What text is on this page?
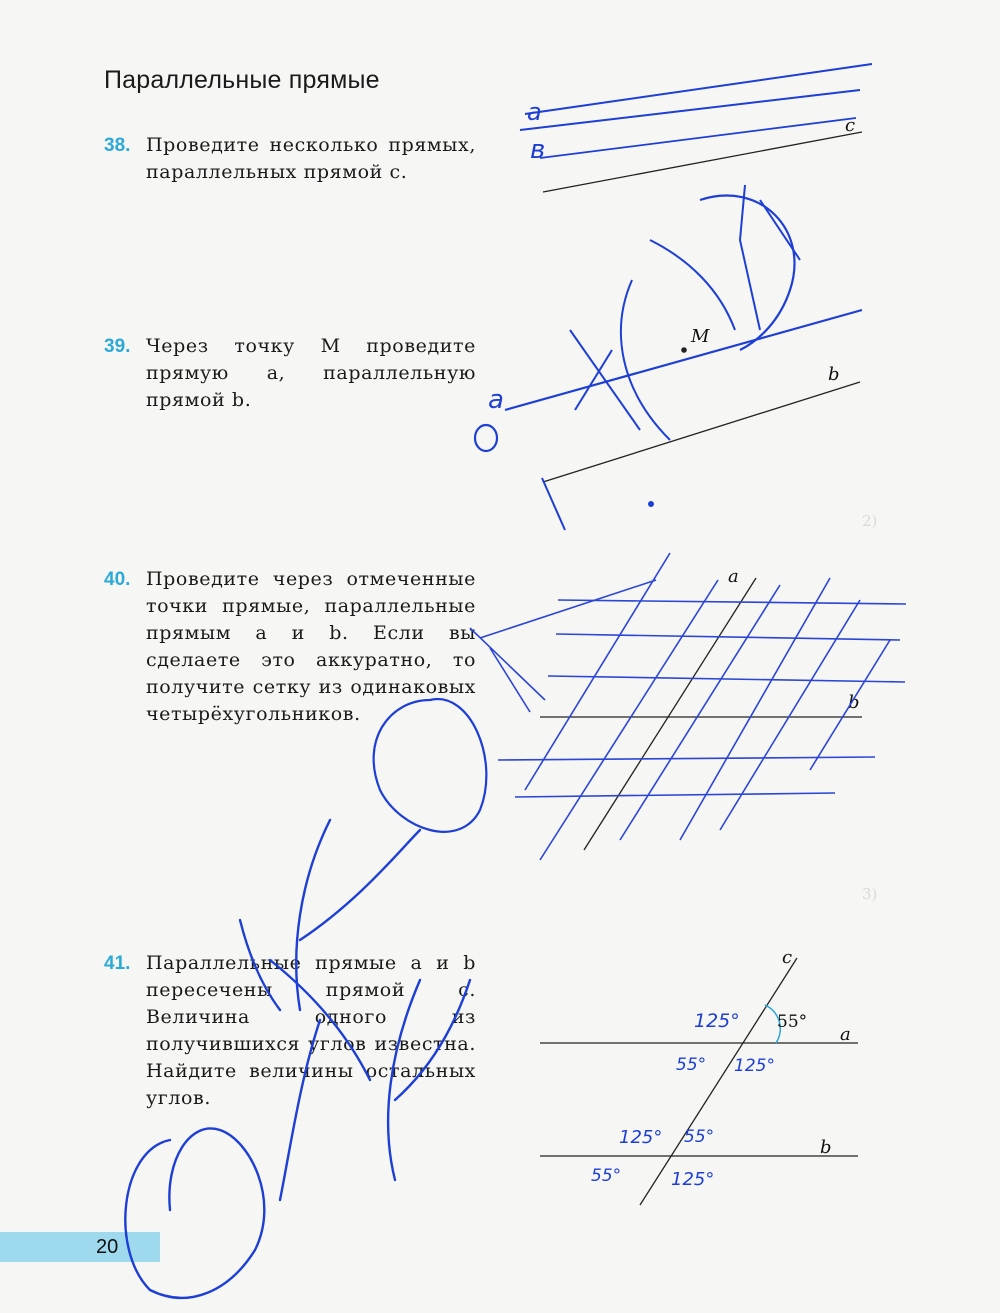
2)
3)
Параллельные прямые
38. Проведите несколько прямых, параллельных прямой c.
39. Через точку M проведите прямую a, параллельную прямой b.
40. Проведите через отмеченные точки прямые, параллельные прямым a и b. Если вы сделаете это аккуратно, то получите сетку из одинаковых четырёхугольников.
41. Параллельные прямые a и b пересечены прямой c. Величина одного из получившихся углов известна. Найдите величины остальных углов.
20
c
a
в
b
M
a
a
b
a
b
c
55°
125°
55° 125°
125° 55°
55°	125°
